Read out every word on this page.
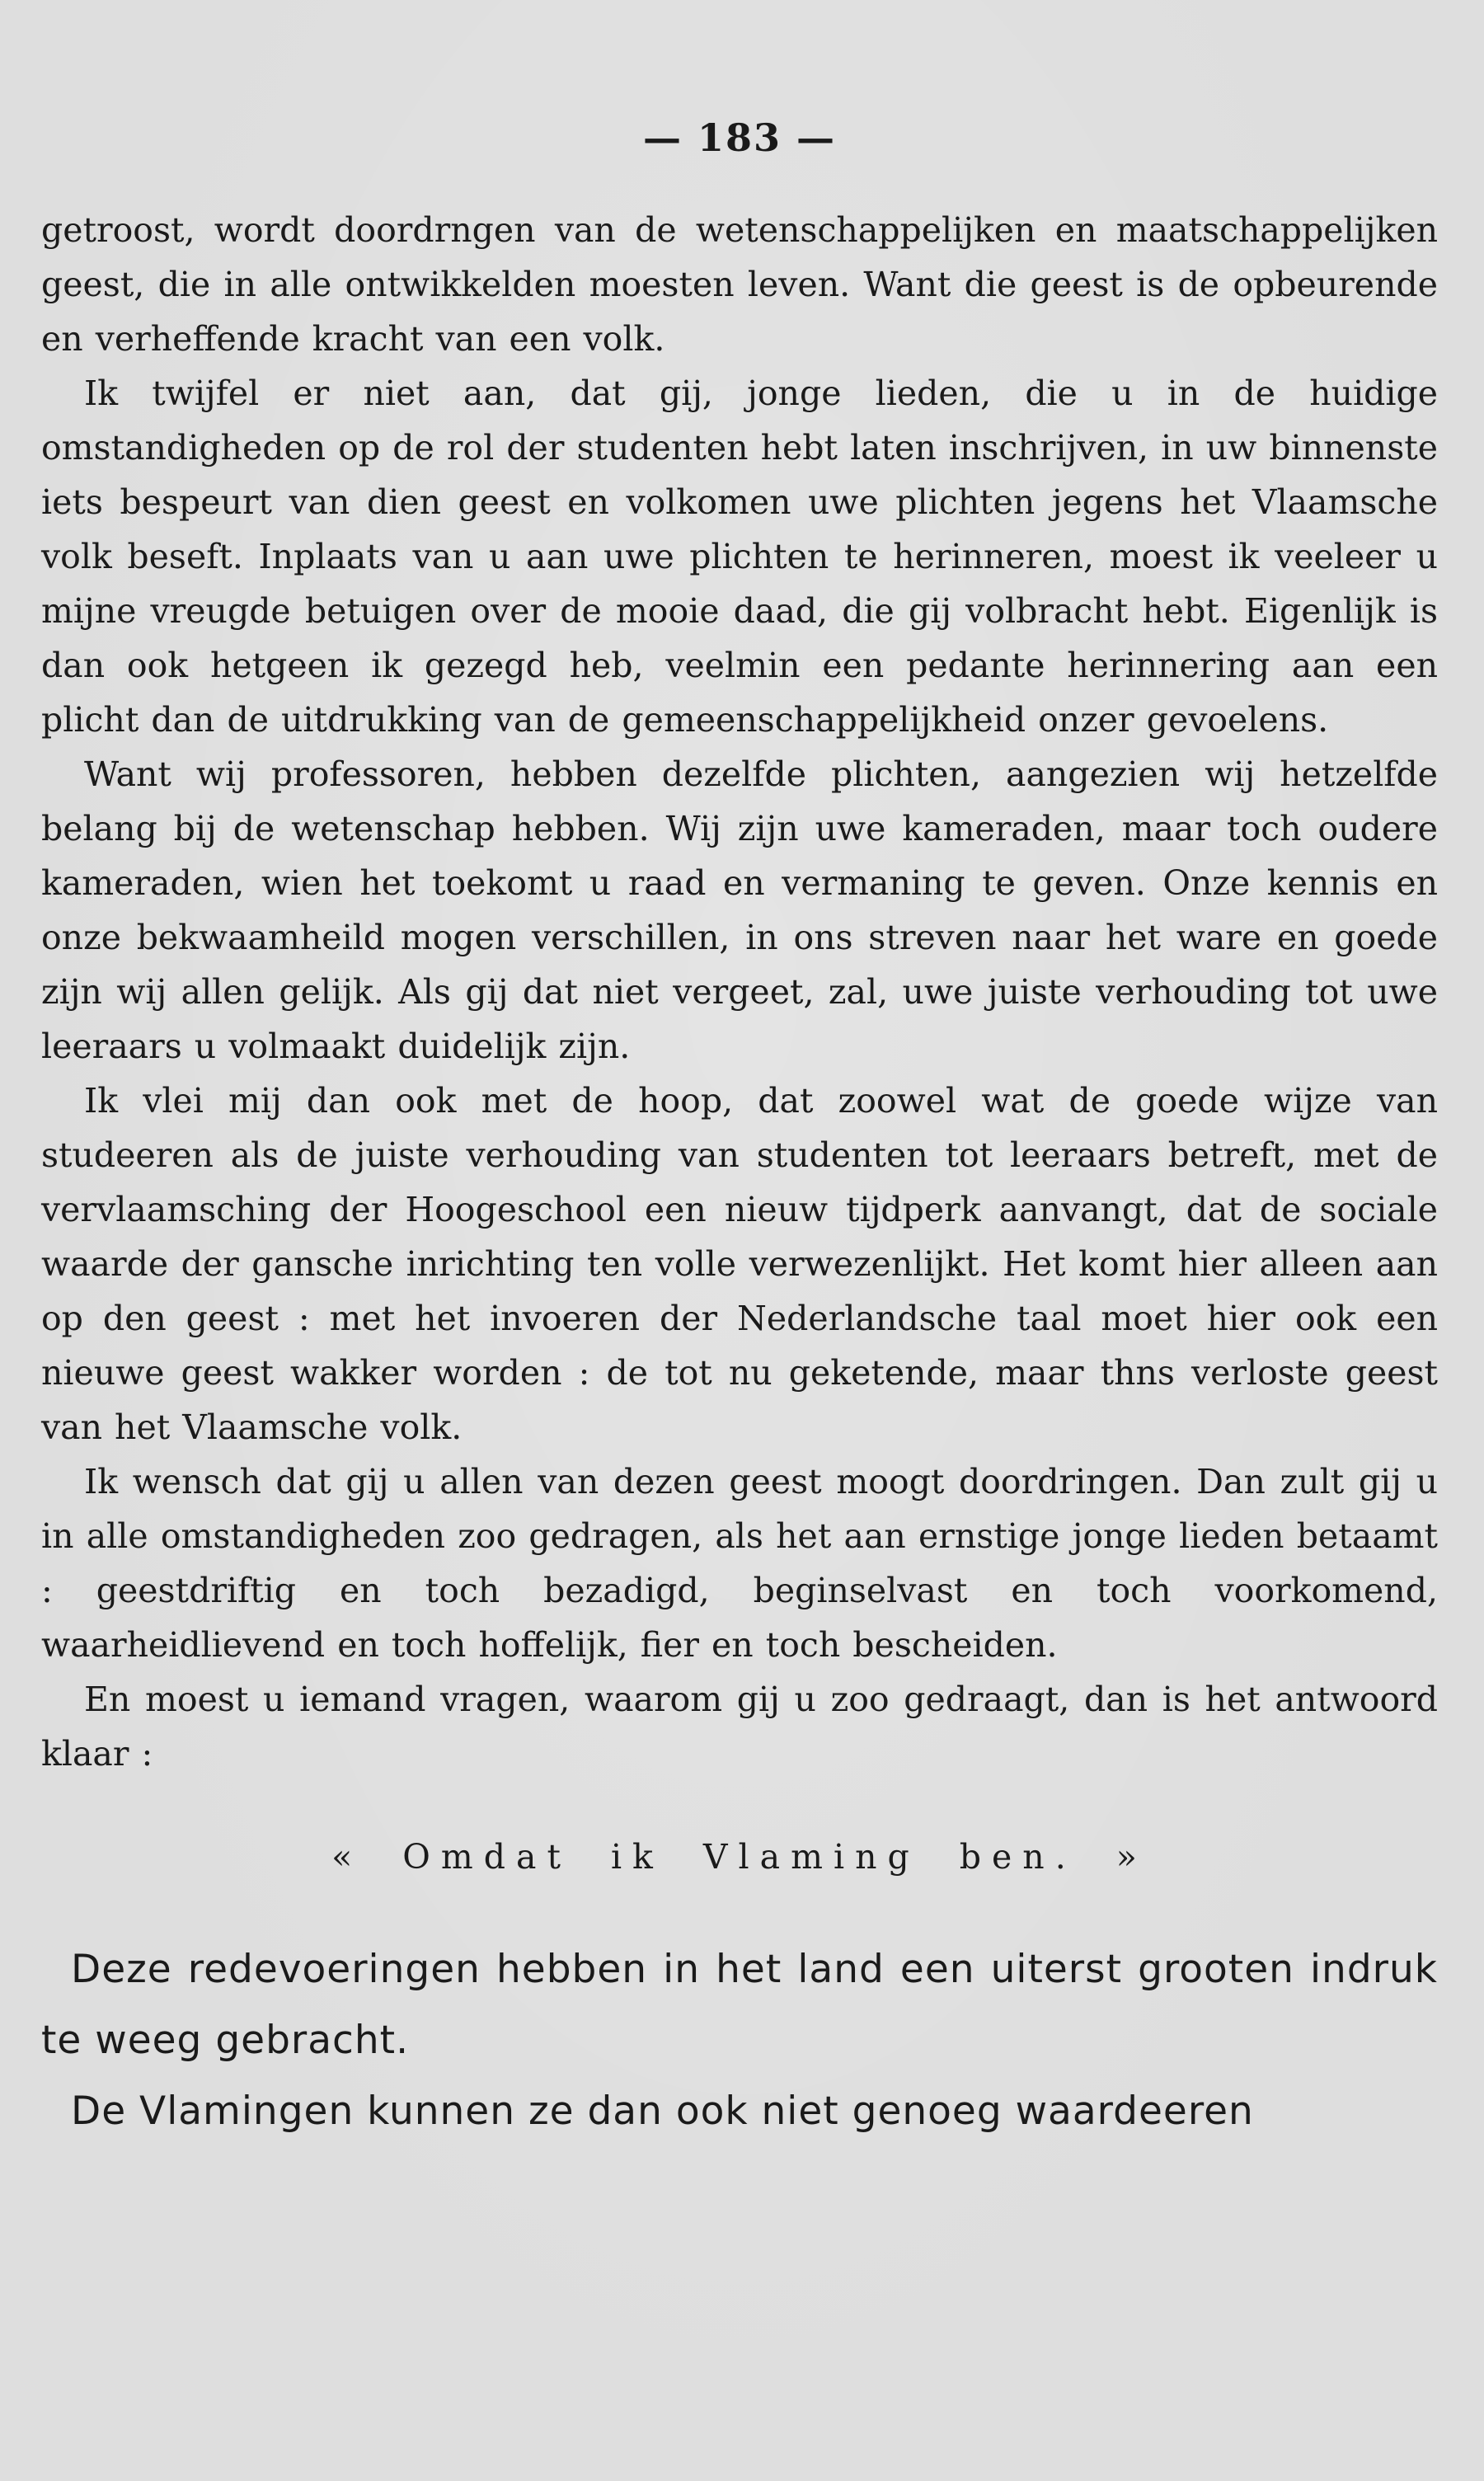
— 183 —

getroost, wordt doordrngen van de wetenschappelijken en maatschappelijken geest, die in alle ontwikkelden moesten leven. Want die geest is de opbeurende en verheffende kracht van een volk.

Ik twijfel er niet aan, dat gij, jonge lieden, die u in de huidige omstandigheden op de rol der studenten hebt laten inschrijven, in uw binnenste iets bespeurt van dien geest en volkomen uwe plichten jegens het Vlaamsche volk beseft. Inplaats van u aan uwe plichten te herinneren, moest ik veeleer u mijne vreugde betuigen over de mooie daad, die gij volbracht hebt. Eigenlijk is dan ook hetgeen ik gezegd heb, veelmin een pedante herinnering aan een plicht dan de uitdrukking van de gemeenschappelijkheid onzer gevoelens.

Want wij professoren, hebben dezelfde plichten, aangezien wij hetzelfde belang bij de wetenschap hebben. Wij zijn uwe kameraden, maar toch oudere kameraden, wien het toekomt u raad en vermaning te geven. Onze kennis en onze bekwaamheild mogen verschillen, in ons streven naar het ware en goede zijn wij allen gelijk. Als gij dat niet vergeet, zal, uwe juiste verhouding tot uwe leeraars u volmaakt duidelijk zijn.

Ik vlei mij dan ook met de hoop, dat zoowel wat de goede wijze van studeeren als de juiste verhouding van studenten tot leeraars betreft, met de vervlaamsching der Hoogeschool een nieuw tijdperk aanvangt, dat de sociale waarde der gansche inrichting ten volle verwezenlijkt. Het komt hier alleen aan op den geest : met het invoeren der Nederlandsche taal moet hier ook een nieuwe geest wakker worden : de tot nu geketende, maar thns verloste geest van het Vlaamsche volk.

Ik wensch dat gij u allen van dezen geest moogt doordringen. Dan zult gij u in alle omstandigheden zoo gedragen, als het aan ernstige jonge lieden betaamt : geestdriftig en toch bezadigd, beginselvast en toch voorkomend, waarheidlievend en toch hoffelijk, fier en toch bescheiden.

En moest u iemand vragen, waarom gij u zoo gedraagt, dan is het antwoord klaar :

« Omdat ik Vlaming ben. »

Deze redevoeringen hebben in het land een uiterst grooten indruk te weeg gebracht.

De Vlamingen kunnen ze dan ook niet genoeg waardeeren
